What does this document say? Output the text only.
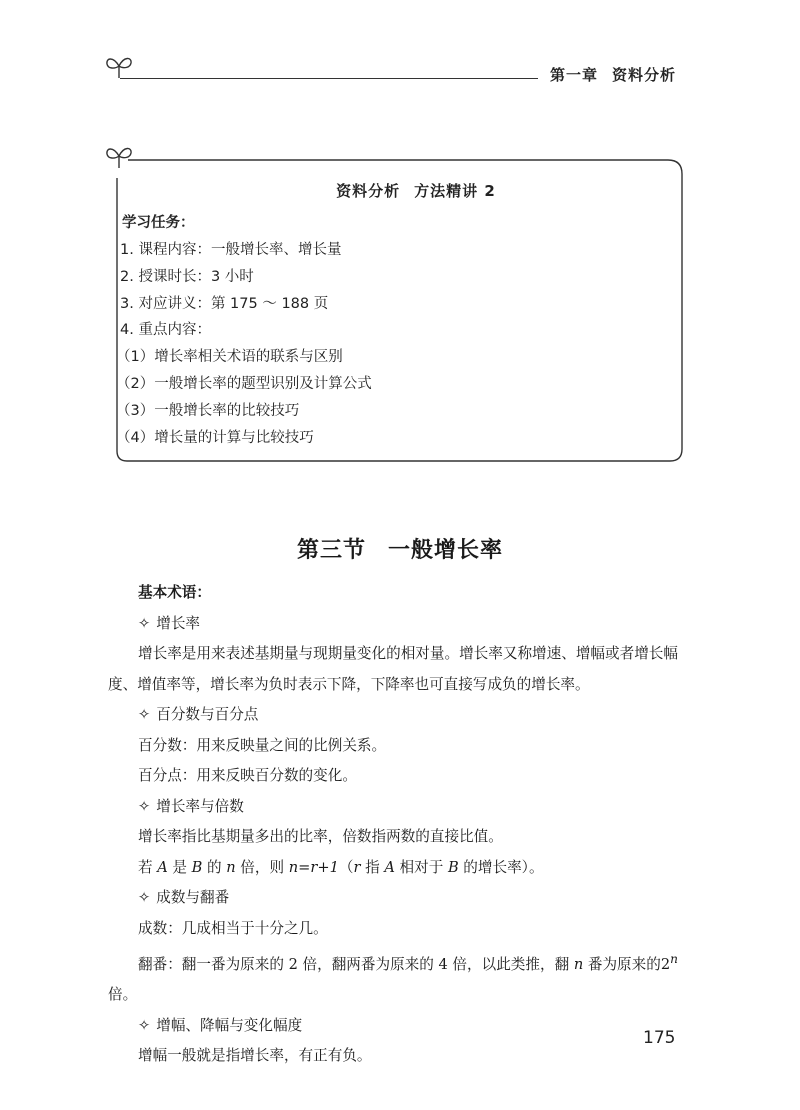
第一章 资料分析
资料分析 方法精讲 2
学习任务：
1. 课程内容：一般增长率、增长量
2. 授课时长：3 小时
3. 对应讲义：第 175 ～ 188 页
4. 重点内容：
（1）增长率相关术语的联系与区别
（2）一般增长率的题型识别及计算公式
（3）一般增长率的比较技巧
（4）增长量的计算与比较技巧
第三节 一般增长率
基本术语：
✧ 增长率
增长率是用来表述基期量与现期量变化的相对量。增长率又称增速、增幅或者增长幅度、增值率等，增长率为负时表示下降，下降率也可直接写成负的增长率。
✧ 百分数与百分点
百分数：用来反映量之间的比例关系。
百分点：用来反映百分数的变化。
✧ 增长率与倍数
增长率指比基期量多出的比率，倍数指两数的直接比值。
若 A 是 B 的 n 倍，则 n=r+1（r 指 A 相对于 B 的增长率）。
✧ 成数与翻番
成数：几成相当于十分之几。
翻番：翻一番为原来的 2 倍，翻两番为原来的 4 倍，以此类推，翻 n 番为原来的2$^n$ 倍。
✧ 增幅、降幅与变化幅度
增幅一般就是指增长率，有正有负。
175
